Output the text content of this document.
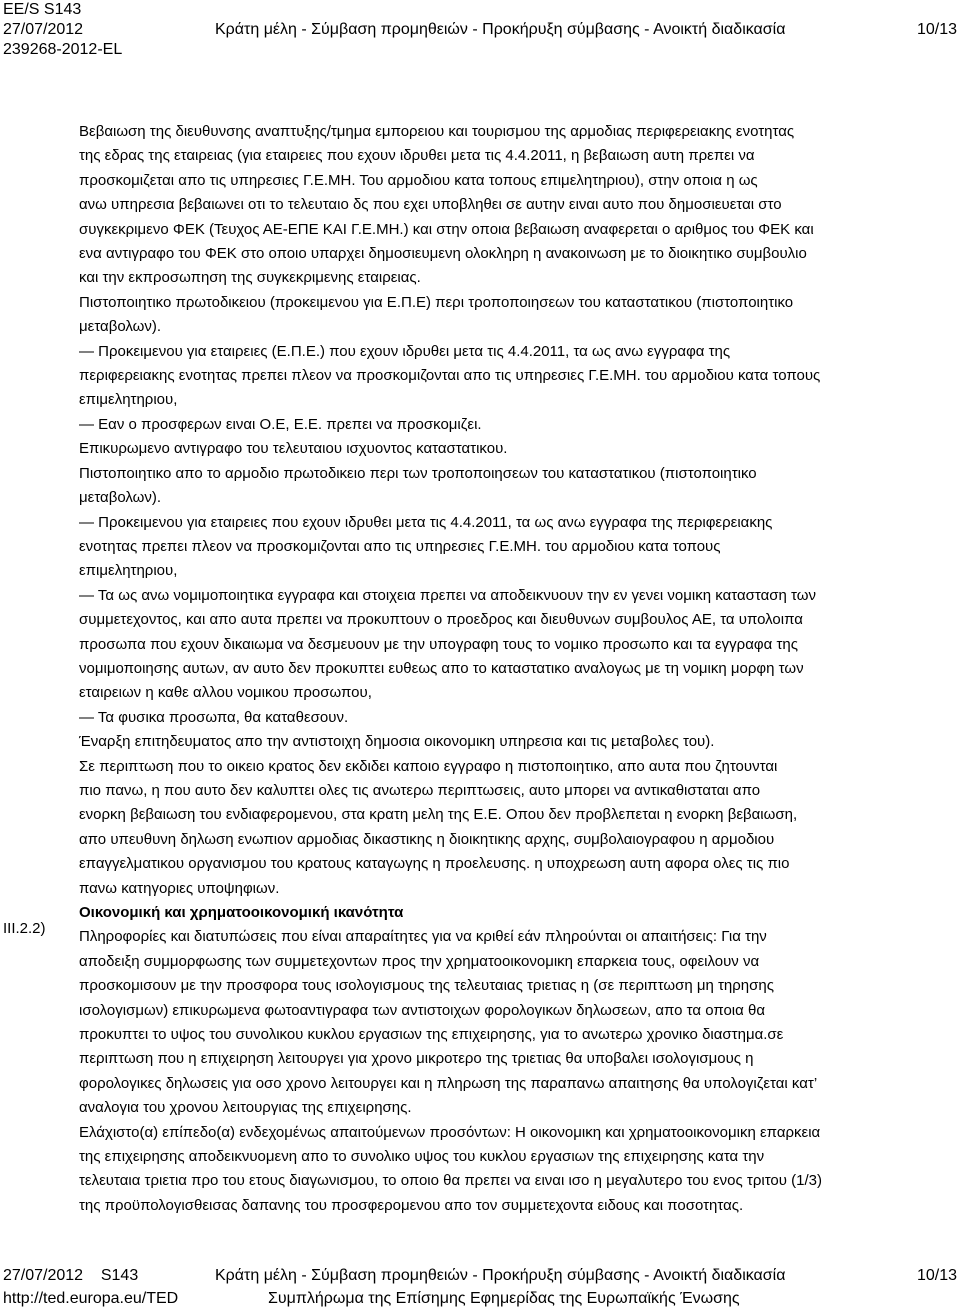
EE/S S143
27/07/2012
239268-2012-EL
Κράτη μέλη - Σύμβαση προμηθειών - Προκήρυξη σύμβασης - Ανοικτή διαδικασία	10/13

Βεβαιωση της διευθυνσης αναπτυξης/τμημα εμπορειου και τουρισμου της αρμοδιας περιφερειακης ενοτητας

της εδρας της εταιρειας (για εταιρειες που εχουν ιδρυθει μετα τις 4.4.2011, η βεβαιωση αυτη πρεπει να

προσκομιζεται απο τις υπηρεσιες Γ.Ε.ΜΗ. Του αρμοδιου κατα τοπους επιμελητηριου), στην οποια η ως

ανω υπηρεσια βεβαιωνει οτι το τελευταιο δς που εχει υποβληθει σε αυτην ειναι αυτο που δημοσιευεται στο

συγκεκριμενο ΦΕΚ (Τευχος ΑΕ-ΕΠΕ ΚΑΙ Γ.Ε.ΜΗ.) και στην οποια βεβαιωση αναφερεται ο αριθμος του ΦΕΚ και

ενα αντιγραφο του ΦΕΚ στο οποιο υπαρχει δημοσιευμενη ολοκληρη η ανακοινωση με το διοικητικο συμβουλιο

και την εκπροσωπηση της συγκεκριμενης εταιρειας.

Πιστοποιητικο πρωτοδικειου (προκειμενου για Ε.Π.Ε) περι τροποποιησεων του καταστατικου (πιστοποιητικο

μεταβολων).

— Προκειμενου για εταιρειες (Ε.Π.Ε.) που εχουν ιδρυθει μετα τις 4.4.2011, τα ως ανω εγγραφα της

περιφερειακης ενοτητας πρεπει πλεον να προσκομιζονται απο τις υπηρεσιες Γ.Ε.ΜΗ. του αρμοδιου κατα τοπους

επιμελητηριου,

— Εαν ο προσφερων ειναι Ο.Ε, Ε.Ε. πρεπει να προσκομιζει.

Επικυρωμενο αντιγραφο του τελευταιου ισχυοντος καταστατικου.

Πιστοποιητικο απο το αρμοδιο πρωτοδικειο περι των τροποποιησεων του καταστατικου (πιστοποιητικο

μεταβολων).

— Προκειμενου για εταιρειες που εχουν ιδρυθει μετα τις 4.4.2011, τα ως ανω εγγραφα της περιφερειακης

ενοτητας πρεπει πλεον να προσκομιζονται απο τις υπηρεσιες Γ.Ε.ΜΗ. του αρμοδιου κατα τοπους

επιμελητηριου,

— Τα ως ανω νομιμοποιητικα εγγραφα και στοιχεια πρεπει να αποδεικνυουν την εν γενει νομικη κατασταση των

συμμετεχοντος, και απο αυτα πρεπει να προκυπτουν ο προεδρος και διευθυνων συμβουλος ΑΕ, τα υπολοιπα

προσωπα που εχουν δικαιωμα να δεσμευουν με την υπογραφη τους το νομικο προσωπο και τα εγγραφα της

νομιμοποιησης αυτων, αν αυτο δεν προκυπτει ευθεως απο το καταστατικο αναλογως με τη νομικη μορφη των

εταιρειων η καθε αλλου νομικου προσωπου,

— Τα φυσικα προσωπα, θα καταθεσουν.

Έναρξη επιτηδευματος απο την αντιστοιχη δημοσια οικονομικη υπηρεσια και τις μεταβολες του).

Σε περιπτωση που το οικειο κρατος δεν εκδιδει καποιο εγγραφο η πιστοποιητικο, απο αυτα που ζητουνται

πιο πανω, η που αυτο δεν καλυπτει ολες τις ανωτερω περιπτωσεις, αυτο μπορει να αντικαθισταται απο

ενορκη βεβαιωση του ενδιαφερομενου, στα κρατη μελη της Ε.Ε. Οπου δεν προβλεπεται η ενορκη βεβαιωση,

απο υπευθυνη δηλωση ενωπιον αρμοδιας δικαστικης η διοικητικης αρχης, συμβολαιογραφου η αρμοδιου

επαγγελματικου οργανισμου του κρατους καταγωγης η προελευσης. η υποχρεωση αυτη αφορα ολες τις πιο

πανω κατηγοριες υποψηφιων.

Οικονομική και χρηματοοικονομική ικανότητα

Πληροφορίες και διατυπώσεις που είναι απαραίτητες για να κριθεί εάν πληρούνται οι απαιτήσεις: Για την

αποδειξη συμμορφωσης των συμμετεχοντων προς την χρηματοοικονομικη επαρκεια τους, οφειλουν να

προσκομισουν με την προσφορα τους ισολογισμους της τελευταιας τριετιας η (σε περιπτωση μη τηρησης

ισολογισμων) επικυρωμενα φωτοαντιγραφα των αντιστοιχων φορολογικων δηλωσεων, απο τα οποια θα

προκυπτει το υψος του συνολικου κυκλου εργασιων της επιχειρησης, για το ανωτερω χρονικο διαστημα.σε

περιπτωση που η επιχειρηση λειτουργει για χρονο μικροτερο της τριετιας θα υποβαλει ισολογισμους η

φορολογικες δηλωσεις για οσο χρονο λειτουργει και η πληρωση της παραπανω απαιτησης θα υπολογιζεται κατ’

αναλογια του χρονου λειτουργιας της επιχειρησης.

Ελάχιστο(α) επίπεδο(α) ενδεχομένως απαιτούμενων προσόντων: Η οικονομικη και χρηματοοικονομικη επαρκεια

της επιχειρησης αποδεικνυομενη απο το συνολικο υψος του κυκλου εργασιων της επιχειρησης κατα την

τελευταια τριετια προ του ετους διαγωνισμου, το οποιο θα πρεπει να ειναι ισο η μεγαλυτερο του ενος τριτου (1/3)

της προϋπολογισθεισας δαπανης του προσφερομενου απο τον συμμετεχοντα ειδους και ποσοτητας.

III.2.2)
27/07/2012 S143
http://ted.europa.eu/TED
Κράτη μέλη - Σύμβαση προμηθειών - Προκήρυξη σύμβασης - Ανοικτή διαδικασία
Συμπλήρωμα της Επίσημης Εφημερίδας της Ευρωπαϊκής Ένωσης
10/13
